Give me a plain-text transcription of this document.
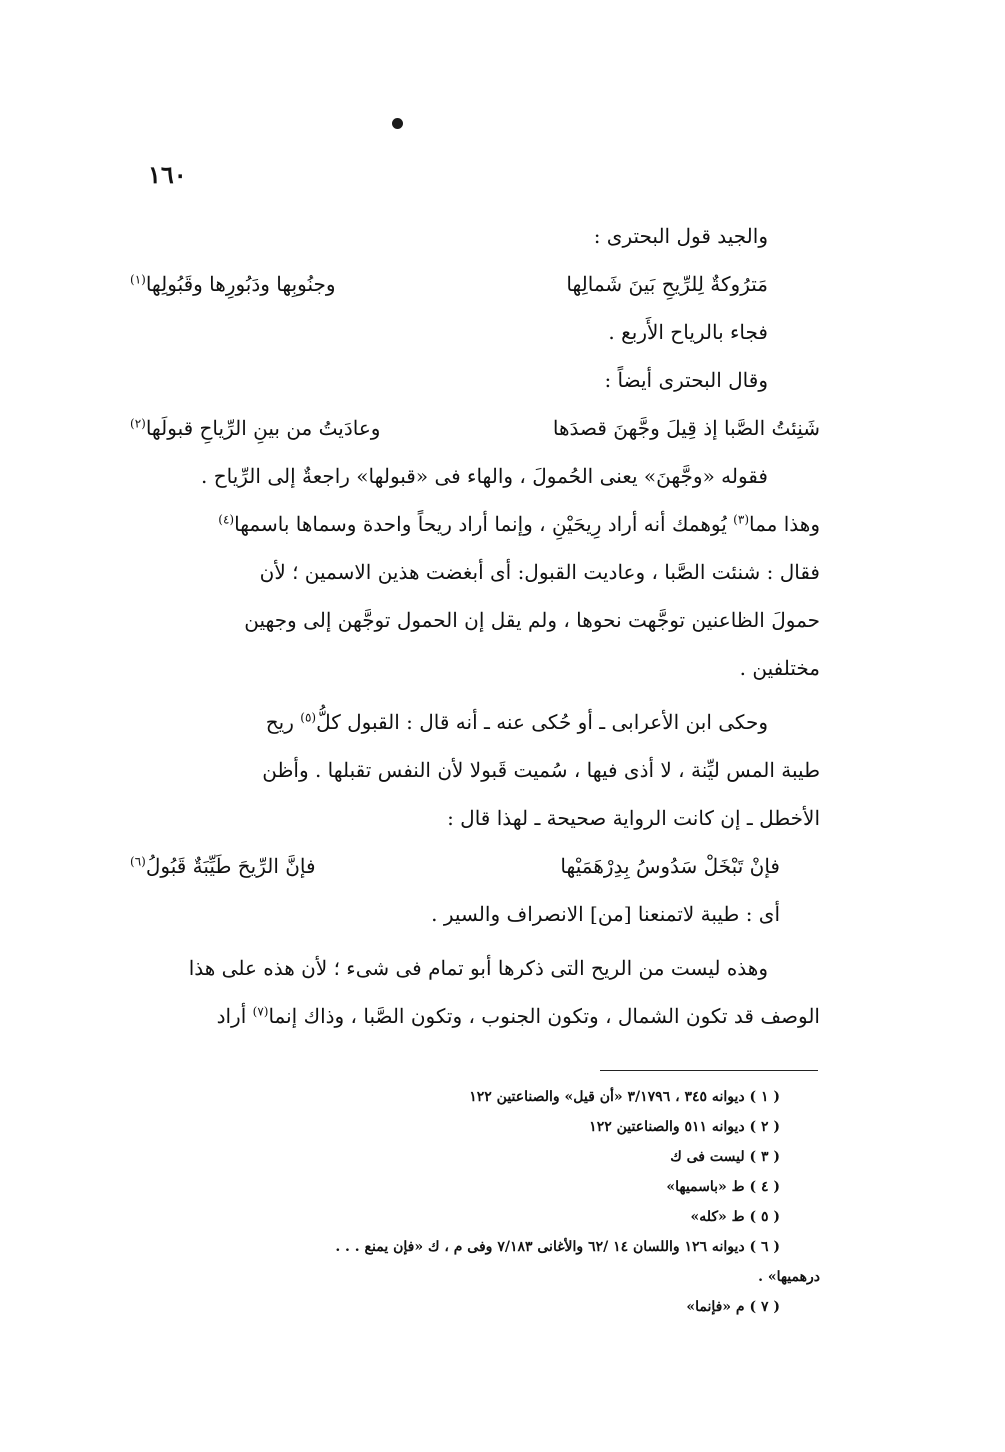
١٦٠

والجيد قول البحترى :

مَترُوكةٌ لِلرِّيحِ بَينَ شَمالِها
وجنُوبِها ودَبُورِها وقَبُولِها$^{(١)}$

فجاء بالرياح الأَربع .

وقال البحترى أيضاً :

شَنِئتُ الصَّبا إذ قِيلَ وجَّهنَ قصدَها
وعادَيتُ من بينِ الرِّياحِ قبولَها$^{(٢)}$

فقوله «وجَّهنَ» يعنى الحُمولَ ، والهاء فى «قبولها» راجعةٌ إلى الرِّياح .

وهذا مما$^{(٣)}$ يُوهمك أنه أراد رِيحَيْنِ ، وإنما أراد ريحاً واحدة وسماها باسمها$^{(٤)}$

فقال : شنئت الصَّبا ، وعاديت القبول: أى أبغضت هذين الاسمين ؛ لأن

حمولَ الظاعنين توجَّهت نحوها ، ولم يقل إن الحمول توجَّهن إلى وجهين

مختلفين .

وحكى ابن الأعرابى ـ أو حُكى عنه ـ أنه قال : القبول كلُّ$^{(٥)}$ ريح

طيبة المس ليِّنة ، لا أذى فيها ، سُميت قَبولا لأن النفس تقبلها . وأظن

الأخطل ـ إن كانت الرواية صحيحة ـ لهذا قال :

فإنْ تَبْخَلْ سَدُوسُ بِدِرْهَمَيْها
فإنَّ الرِّيحَ طَيِّبَةٌ قَبُولُ$^{(٦)}$

أى : طيبة لاتمنعنا [من] الانصراف والسير .

وهذه ليست من الريح التى ذكرها أبو تمام فى شىء ؛ لأن هذه على هذا

الوصف قد تكون الشمال ، وتكون الجنوب ، وتكون الصَّبا ، وذاك إنما$^{(٧)}$ أراد

( ١ ) ديوانه ٣٤٥ ، ٣/١٧٩٦ «أن قيل» والصناعتين ١٢٢
( ٢ ) ديوانه ٥١١ والصناعتين ١٢٢
( ٣ ) ليست فى ك
( ٤ ) ط «باسميها»
( ٥ ) ط «كله»
( ٦ ) ديوانه ١٢٦ واللسان ١٤ /٦٢ والأغانى ٧/١٨٣ وفى م ، ك «فإن يمنع . . .
درهميها» .
( ٧ ) م «فإنما»
